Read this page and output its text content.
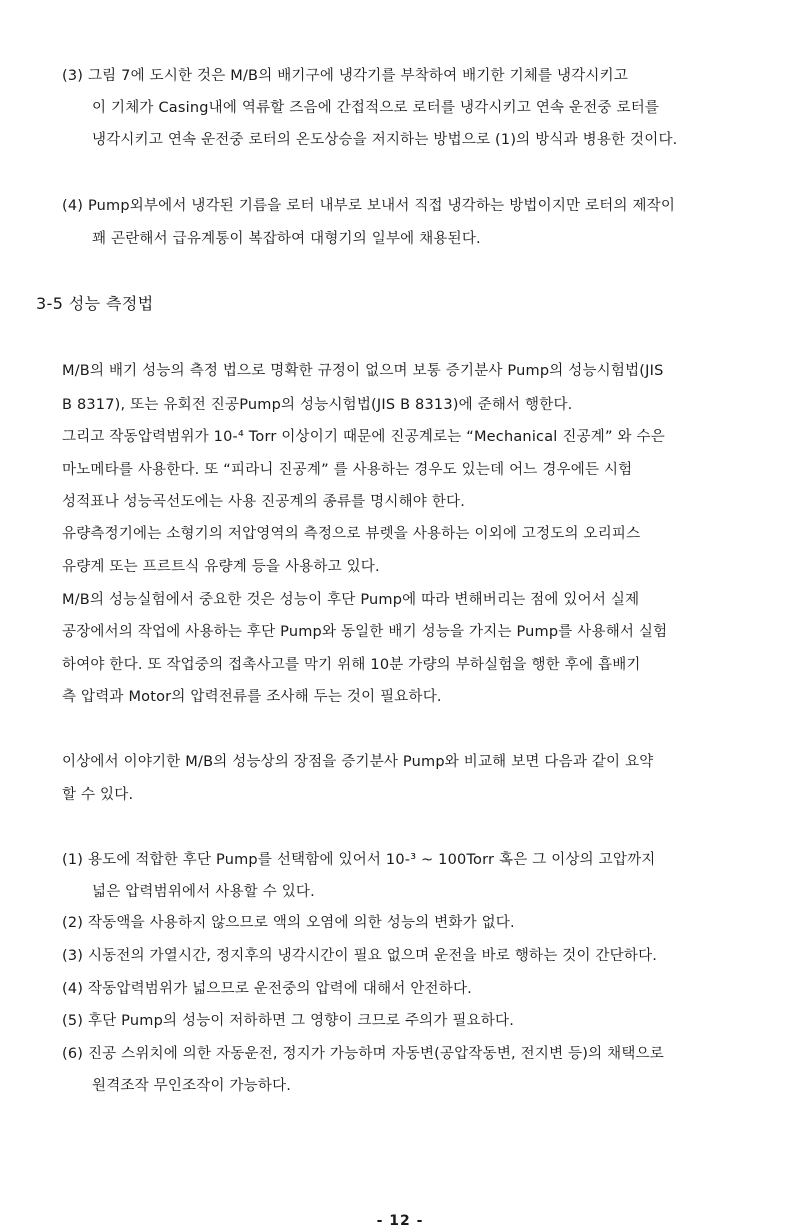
(3) 그림 7에 도시한 것은 M/B의 배기구에 냉각기를 부착하여 배기한 기체를 냉각시키고
이 기체가 Casing내에 역류할 즈음에 간접적으로 로터를 냉각시키고 연속 운전중 로터를
냉각시키고 연속 운전중 로터의 온도상승을 저지하는 방법으로 (1)의 방식과 병용한 것이다.
(4) Pump외부에서 냉각된 기름을 로터 내부로 보내서 직접 냉각하는 방법이지만 로터의 제작이
꽤 곤란해서 급유계통이 복잡하여 대형기의 일부에 채용된다.
3-5 성능 측정법
M/B의 배기 성능의 측정 법으로 명확한 규정이 없으며 보통 증기분사 Pump의 성능시험법(JIS
B 8317), 또는 유회전 진공Pump의 성능시험법(JIS B 8313)에 준해서 행한다.
그리고 작동압력범위가 10-⁴ Torr 이상이기 때문에 진공계로는 “Mechanical 진공계” 와 수은
마노메타를 사용한다. 또 “피라니 진공계” 를 사용하는 경우도 있는데 어느 경우에든 시험
성적표나 성능곡선도에는 사용 진공계의 종류를 명시해야 한다.
유량측정기에는 소형기의 저압영역의 측정으로 뷰렛을 사용하는 이외에 고정도의 오리피스
유량계 또는 프르트식 유량계 등을 사용하고 있다.
M/B의 성능실험에서 중요한 것은 성능이 후단 Pump에 따라 변해버리는 점에 있어서 실제
공장에서의 작업에 사용하는 후단 Pump와 동일한 배기 성능을 가지는 Pump를 사용해서 실험
하여야 한다. 또 작업중의 접촉사고를 막기 위해 10분 가량의 부하실험을 행한 후에 흡배기
측 압력과 Motor의 압력전류를 조사해 두는 것이 필요하다.
이상에서 이야기한 M/B의 성능상의 장점을 증기분사 Pump와 비교해 보면 다음과 같이 요약
할 수 있다.
(1) 용도에 적합한 후단 Pump를 선택함에 있어서 10-³ ~ 100Torr 혹은 그 이상의 고압까지
넓은 압력범위에서 사용할 수 있다.
(2) 작동액을 사용하지 않으므로 액의 오염에 의한 성능의 변화가 없다.
(3) 시동전의 가열시간, 정지후의 냉각시간이 필요 없으며 운전을 바로 행하는 것이 간단하다.
(4) 작동압력범위가 넓으므로 운전중의 압력에 대해서 안전하다.
(5) 후단 Pump의 성능이 저하하면 그 영향이 크므로 주의가 필요하다.
(6) 진공 스위치에 의한 자동운전, 정지가 가능하며 자동변(공압작동변, 전지변 등)의 채택으로
원격조작 무인조작이 가능하다.
- 12 -
